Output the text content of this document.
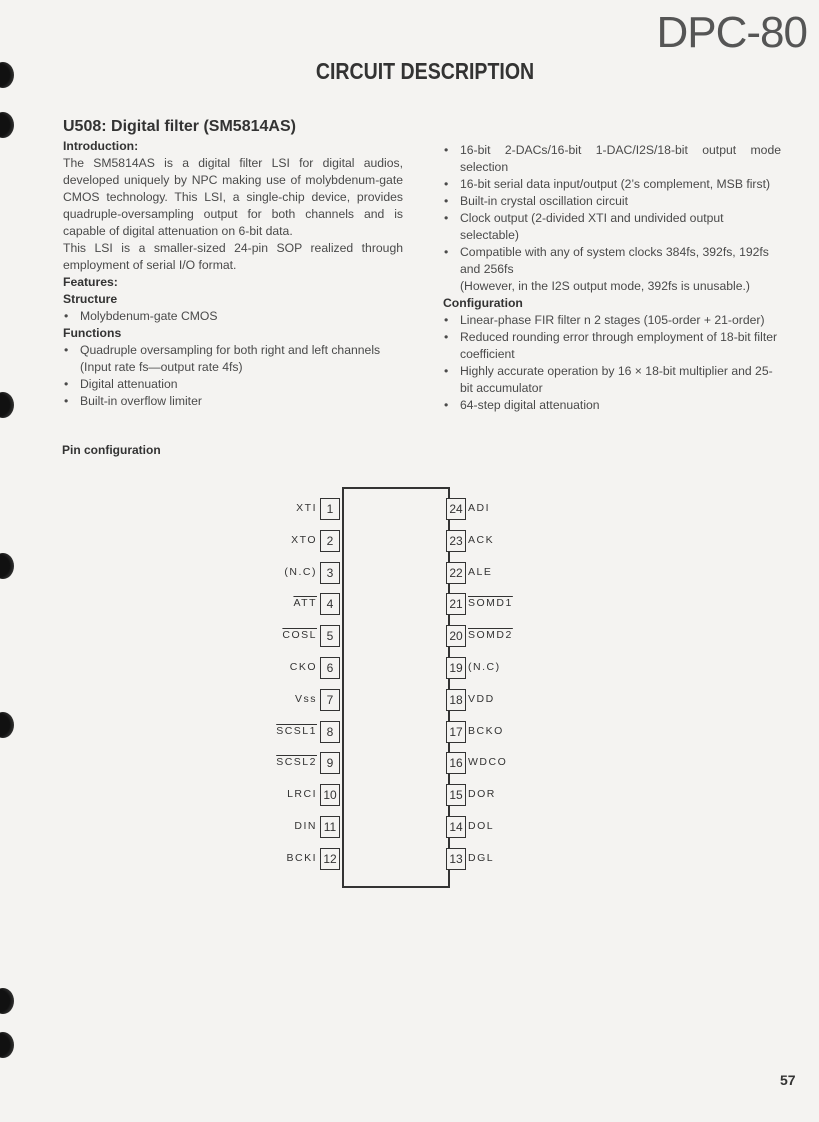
DPC-80
CIRCUIT DESCRIPTION
U508: Digital filter (SM5814AS)
Introduction:

The SM5814AS is a digital filter LSI for digital audios, developed uniquely by NPC making use of molybdenum-gate CMOS technology. This LSI, a single-chip device, provides quadruple-oversampling output for both channels and is capable of digital attenuation on 6-bit data.

This LSI is a smaller-sized 24-pin SOP realized through employment of serial I/O format.

Features:
Structure
• Molybdenum-gate CMOS
Functions
• Quadruple oversampling for both right and left channels (Input rate fs—output rate 4fs)
• Digital attenuation
• Built-in overflow limiter
• 16-bit 2-DACs/16-bit 1-DAC/I2S/18-bit output mode selection
• 16-bit serial data input/output (2’s complement, MSB first)
• Built-in crystal oscillation circuit
• Clock output (2-divided XTI and undivided output selectable)
• Compatible with any of system clocks 384fs, 392fs, 192fs and 256fs
(However, in the I2S output mode, 392fs is unusable.)
Configuration
• Linear-phase FIR filter n 2 stages (105-order + 21-order)
• Reduced rounding error through employment of 18-bit filter coefficient
• Highly accurate operation by 16 × 18-bit multiplier and 25-bit accumulator
• 64-step digital attenuation
Pin configuration
1
XTI
2
XTO
3
(N.C)
4
$\overline{ATT}$
5
COSL
6
CKO
7
Vss
8
SCSL1
9
SCSL2
10
LRCI
11
DIN
12
BCKI
24 ADI
23 ACK
22 ALE
21 SOMD1
20 SOMD2
19 (N.C)
18 VDD
17 BCKO
16 WDCO
15 DOR
14 DOL
13 DGL
57
